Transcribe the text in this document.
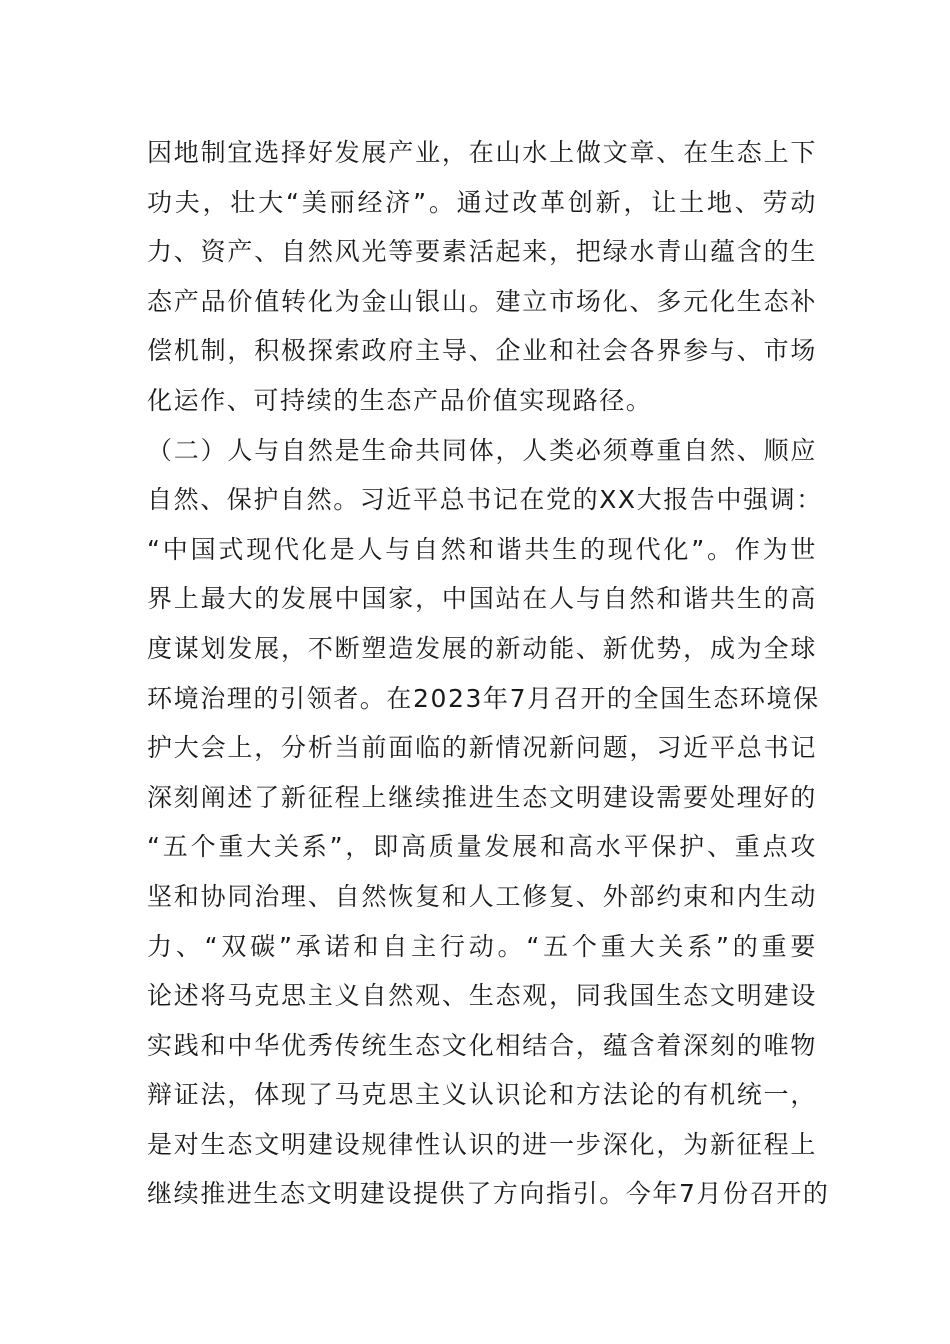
因地制宜选择好发展产业，在山水上做文章、在生态上下
功夫，壮大“美丽经济”。通过改革创新，让土地、劳动
力、资产、自然风光等要素活起来，把绿水青山蕴含的生
态产品价值转化为金山银山。建立市场化、多元化生态补
偿机制，积极探索政府主导、企业和社会各界参与、市场
化运作、可持续的生态产品价值实现路径。
（二）人与自然是生命共同体，人类必须尊重自然、顺应
自然、保护自然。习近平总书记在党的XX大报告中强调：
“中国式现代化是人与自然和谐共生的现代化”。作为世
界上最大的发展中国家，中国站在人与自然和谐共生的高
度谋划发展，不断塑造发展的新动能、新优势，成为全球
环境治理的引领者。在2023年7月召开的全国生态环境保
护大会上，分析当前面临的新情况新问题，习近平总书记
深刻阐述了新征程上继续推进生态文明建设需要处理好的
“五个重大关系”，即高质量发展和高水平保护、重点攻
坚和协同治理、自然恢复和人工修复、外部约束和内生动
力、“双碳”承诺和自主行动。“五个重大关系”的重要
论述将马克思主义自然观、生态观，同我国生态文明建设
实践和中华优秀传统生态文化相结合，蕴含着深刻的唯物
辩证法，体现了马克思主义认识论和方法论的有机统一，
是对生态文明建设规律性认识的进一步深化，为新征程上
继续推进生态文明建设提供了方向指引。今年7月份召开的
